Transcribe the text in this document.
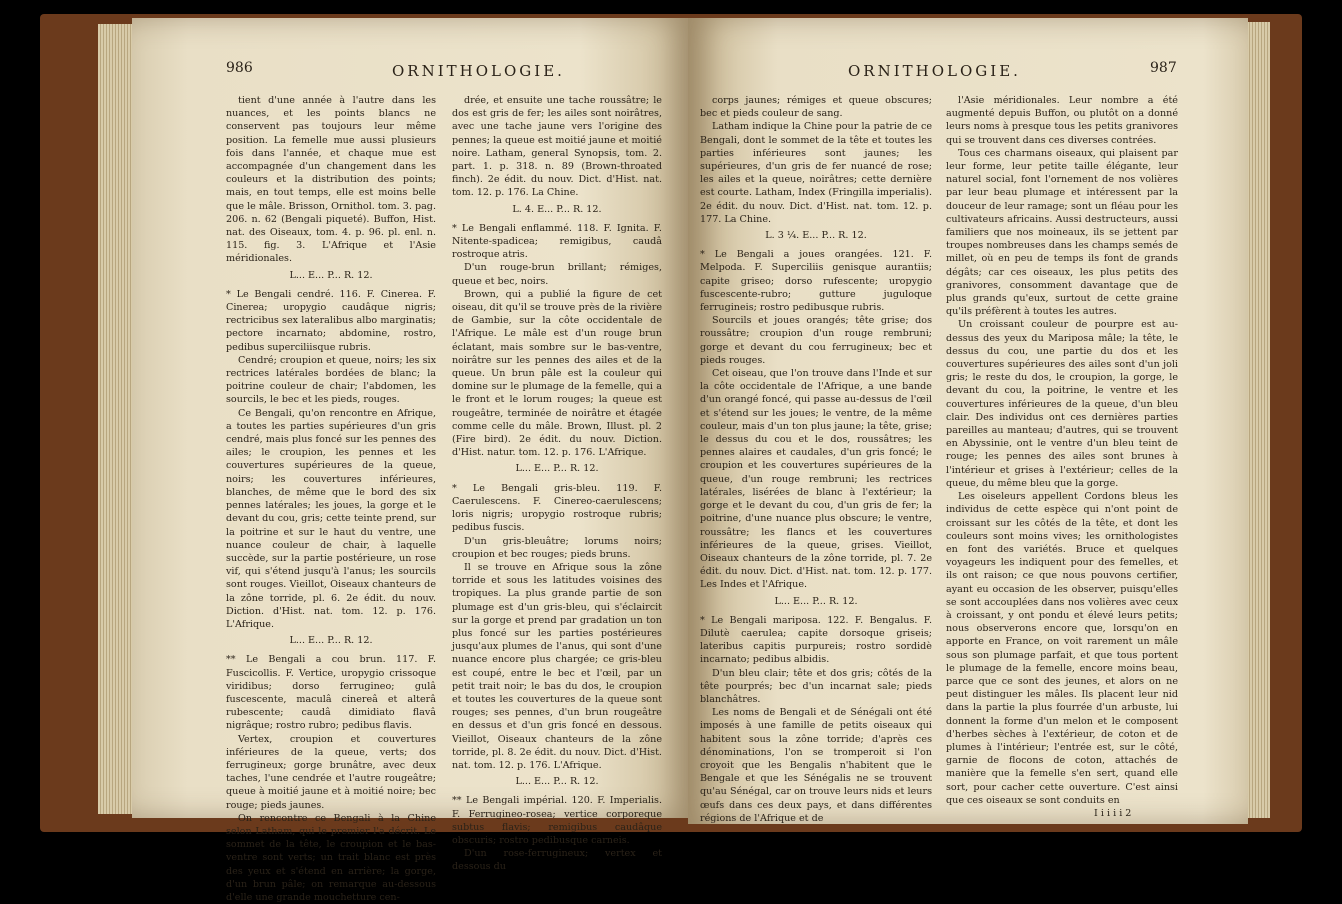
986	ORNITHOLOGIE.

tient d'une année à l'autre dans les nuances, et les points blancs ne conservent pas toujours leur même position. La femelle mue aussi plusieurs fois dans l'année, et chaque mue est accompagnée d'un changement dans les couleurs et la distribution des points; mais, en tout temps, elle est moins belle que le mâle. Brisson, Ornithol. tom. 3. pag. 206. n. 62 (Bengali piqueté). Buffon, Hist. nat. des Oiseaux, tom. 4. p. 96. pl. enl. n. 115. fig. 3. L'Afrique et l'Asie méridionales.

L... E... P... R. 12.

* Le Bengali cendré. 116. F. Cinerea. F. Cinerea; uropygio caudâque nigris; rectricibus sex lateralibus albo marginatis; pectore incarnato; abdomine, rostro, pedibus superciliisque rubris.

Cendré; croupion et queue, noirs; les six rectrices latérales bordées de blanc; la poitrine couleur de chair; l'abdomen, les sourcils, le bec et les pieds, rouges.

Ce Bengali, qu'on rencontre en Afrique, a toutes les parties supérieures d'un gris cendré, mais plus foncé sur les pennes des ailes; le croupion, les pennes et les couvertures supérieures de la queue, noirs; les couvertures inférieures, blanches, de même que le bord des six pennes latérales; les joues, la gorge et le devant du cou, gris; cette teinte prend, sur la poitrine et sur le haut du ventre, une nuance couleur de chair, à laquelle succède, sur la partie postérieure, un rose vif, qui s'étend jusqu'à l'anus; les sourcils sont rouges. Vieillot, Oiseaux chanteurs de la zône torride, pl. 6. 2e édit. du nouv. Diction. d'Hist. nat. tom. 12. p. 176. L'Afrique.

L... E... P... R. 12.

** Le Bengali a cou brun. 117. F. Fuscicollis. F. Vertice, uropygio crissoque viridibus; dorso ferrugineo; gulâ fuscescente, maculâ cinereâ et alterâ rubescente; caudâ dimidiato flavâ nigrâque; rostro rubro; pedibus flavis.

Vertex, croupion et couvertures inférieures de la queue, verts; dos ferrugineux; gorge brunâtre, avec deux taches, l'une cendrée et l'autre rougeâtre; queue à moitié jaune et à moitié noire; bec rouge; pieds jaunes.

On rencontre ce Bengali à la Chine selon Latham, qui le premier l'a décrit. Le sommet de la tête, le croupion et le bas-ventre sont verts; un trait blanc est près des yeux et s'étend en arrière; la gorge, d'un brun pâle; on remarque au-dessous d'elle une grande mouchetture cen-

drée, et ensuite une tache roussâtre; le dos est gris de fer; les ailes sont noirâtres, avec une tache jaune vers l'origine des pennes; la queue est moitié jaune et moitié noire. Latham, general Synopsis, tom. 2. part. 1. p. 318. n. 89 (Brown-throated finch). 2e édit. du nouv. Dict. d'Hist. nat. tom. 12. p. 176. La Chine.

L. 4. E... P... R. 12.

* Le Bengali enflammé. 118. F. Ignita. F. Nitente-spadicea; remigibus, caudâ rostroque atris.

D'un rouge-brun brillant; rémiges, queue et bec, noirs.

Brown, qui a publié la figure de cet oiseau, dit qu'il se trouve près de la rivière de Gambie, sur la côte occidentale de l'Afrique. Le mâle est d'un rouge brun éclatant, mais sombre sur le bas-ventre, noirâtre sur les pennes des ailes et de la queue. Un brun pâle est la couleur qui domine sur le plumage de la femelle, qui a le front et le lorum rouges; la queue est rougeâtre, terminée de noirâtre et étagée comme celle du mâle. Brown, Illust. pl. 2 (Fire bird). 2e édit. du nouv. Diction. d'Hist. natur. tom. 12. p. 176. L'Afrique.

L... E... P... R. 12.

* Le Bengali gris-bleu. 119. F. Caerulescens. F. Cinereo-caerulescens; loris nigris; uropygio rostroque rubris; pedibus fuscis.

D'un gris-bleuâtre; lorums noirs; croupion et bec rouges; pieds bruns.

Il se trouve en Afrique sous la zône torride et sous les latitudes voisines des tropiques. La plus grande partie de son plumage est d'un gris-bleu, qui s'éclaircit sur la gorge et prend par gradation un ton plus foncé sur les parties postérieures jusqu'aux plumes de l'anus, qui sont d'une nuance encore plus chargée; ce gris-bleu est coupé, entre le bec et l'œil, par un petit trait noir; le bas du dos, le croupion et toutes les couvertures de la queue sont rouges; ses pennes, d'un brun rougeâtre en dessus et d'un gris foncé en dessous. Vieillot, Oiseaux chanteurs de la zône torride, pl. 8. 2e édit. du nouv. Dict. d'Hist. nat. tom. 12. p. 176. L'Afrique.

L... E... P... R. 12.

** Le Bengali impérial. 120. F. Imperialis. F. Ferrugineo-rosea; vertice corporeque subtus flavis; remigibus caudâque obscuris; rostro pedibusque carneis.

D'un rose-ferrugineux; vertex et dessous du

ORNITHOLOGIE.	987

corps jaunes; rémiges et queue obscures; bec et pieds couleur de sang.

Latham indique la Chine pour la patrie de ce Bengali, dont le sommet de la tête et toutes les parties inférieures sont jaunes; les supérieures, d'un gris de fer nuancé de rose; les ailes et la queue, noirâtres; cette dernière est courte. Latham, Index (Fringilla imperialis). 2e édit. du nouv. Dict. d'Hist. nat. tom. 12. p. 177. La Chine.

L. 3 ¼. E... P... R. 12.

* Le Bengali a joues orangées. 121. F. Melpoda. F. Superciliis genisque aurantiis; capite griseo; dorso rufescente; uropygio fuscescente-rubro; gutture juguloque ferrugineis; rostro pedibusque rubris.

Sourcils et joues orangés; tête grise; dos roussâtre; croupion d'un rouge rembruni; gorge et devant du cou ferrugineux; bec et pieds rouges.

Cet oiseau, que l'on trouve dans l'Inde et sur la côte occidentale de l'Afrique, a une bande d'un orangé foncé, qui passe au-dessus de l'œil et s'étend sur les joues; le ventre, de la même couleur, mais d'un ton plus jaune; la tête, grise; le dessus du cou et le dos, roussâtres; les pennes alaires et caudales, d'un gris foncé; le croupion et les couvertures supérieures de la queue, d'un rouge rembruni; les rectrices latérales, lisérées de blanc à l'extérieur; la gorge et le devant du cou, d'un gris de fer; la poitrine, d'une nuance plus obscure; le ventre, roussâtre; les flancs et les couvertures inférieures de la queue, grises. Vieillot, Oiseaux chanteurs de la zône torride, pl. 7. 2e édit. du nouv. Dict. d'Hist. nat. tom. 12. p. 177. Les Indes et l'Afrique.

L... E... P... R. 12.

* Le Bengali mariposa. 122. F. Bengalus. F. Dilutè caerulea; capite dorsoque griseis; lateribus capitis purpureis; rostro sordidè incarnato; pedibus albidis.

D'un bleu clair; tête et dos gris; côtés de la tête pourprés; bec d'un incarnat sale; pieds blanchâtres.

Les noms de Bengali et de Sénégali ont été imposés à une famille de petits oiseaux qui habitent sous la zône torride; d'après ces dénominations, l'on se tromperoit si l'on croyoit que les Bengalis n'habitent que le Bengale et que les Sénégalis ne se trouvent qu'au Sénégal, car on trouve leurs nids et leurs œufs dans ces deux pays, et dans différentes régions de l'Afrique et de

l'Asie méridionales. Leur nombre a été augmenté depuis Buffon, ou plutôt on a donné leurs noms à presque tous les petits granivores qui se trouvent dans ces diverses contrées.

Tous ces charmans oiseaux, qui plaisent par leur forme, leur petite taille élégante, leur naturel social, font l'ornement de nos volières par leur beau plumage et intéressent par la douceur de leur ramage; sont un fléau pour les cultivateurs africains. Aussi destructeurs, aussi familiers que nos moineaux, ils se jettent par troupes nombreuses dans les champs semés de millet, où en peu de temps ils font de grands dégâts; car ces oiseaux, les plus petits des granivores, consomment davantage que de plus grands qu'eux, surtout de cette graine qu'ils préfèrent à toutes les autres.

Un croissant couleur de pourpre est au-dessus des yeux du Mariposa mâle; la tête, le dessus du cou, une partie du dos et les couvertures supérieures des ailes sont d'un joli gris; le reste du dos, le croupion, la gorge, le devant du cou, la poitrine, le ventre et les couvertures inférieures de la queue, d'un bleu clair. Des individus ont ces dernières parties pareilles au manteau; d'autres, qui se trouvent en Abyssinie, ont le ventre d'un bleu teint de rouge; les pennes des ailes sont brunes à l'intérieur et grises à l'extérieur; celles de la queue, du même bleu que la gorge.

Les oiseleurs appellent Cordons bleus les individus de cette espèce qui n'ont point de croissant sur les côtés de la tête, et dont les couleurs sont moins vives; les ornithologistes en font des variétés. Bruce et quelques voyageurs les indiquent pour des femelles, et ils ont raison; ce que nous pouvons certifier, ayant eu occasion de les observer, puisqu'elles se sont accouplées dans nos volières avec ceux à croissant, y ont pondu et élevé leurs petits; nous observerons encore que, lorsqu'on en apporte en France, on voit rarement un mâle sous son plumage parfait, et que tous portent le plumage de la femelle, encore moins beau, parce que ce sont des jeunes, et alors on ne peut distinguer les mâles. Ils placent leur nid dans la partie la plus fourrée d'un arbuste, lui donnent la forme d'un melon et le composent d'herbes sèches à l'extérieur, de coton et de plumes à l'intérieur; l'entrée est, sur le côté, garnie de flocons de coton, attachés de manière que la femelle s'en sert, quand elle sort, pour cacher cette ouverture. C'est ainsi que ces oiseaux se sont conduits en

I i i i i 2
